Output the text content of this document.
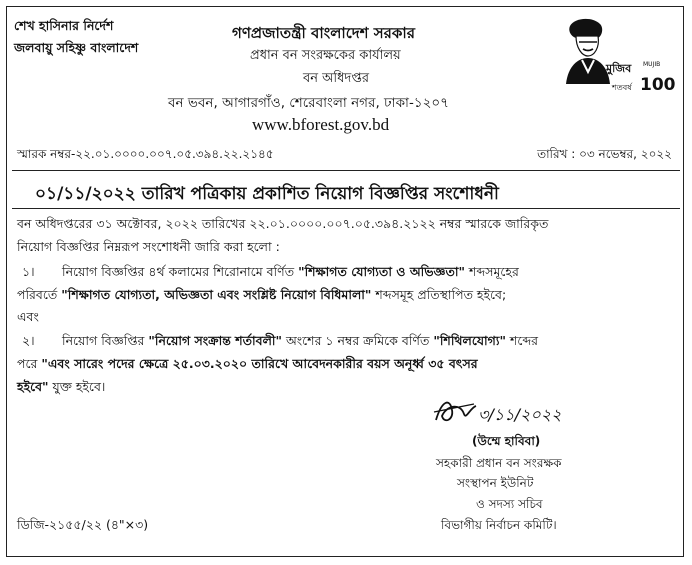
শেখ হাসিনার নির্দেশ
জলবায়ু সহিষ্ণু বাংলাদেশ
গণপ্রজাতন্ত্রী বাংলাদেশ সরকার
প্রধান বন সংরক্ষকের কার্যালয়
বন অধিদপ্তর
বন ভবন, আগারগাঁও, শেরেবাংলা নগর, ঢাকা-১২০৭
www.bforest.gov.bd
মুজিব MUJIB
100
শতবর্ষ
স্মারক নম্বর-২২.০১.০০০০.০০৭.০৫.৩৯৪.২২.২১৪৫	তারিখ : ০৩ নভেম্বর, ২০২২
০১/১১/২০২২ তারিখ পত্রিকায় প্রকাশিত নিয়োগ বিজ্ঞপ্তির সংশোধনী
বন অধিদপ্তরের ৩১ অক্টোবর, ২০২২ তারিখের ২২.০১.০০০০.০০৭.০৫.৩৯৪.২১২২ নম্বর স্মারকে জারিকৃত
নিয়োগ বিজ্ঞপ্তির নিম্নরূপ সংশোধনী জারি করা হলো :
১। নিয়োগ বিজ্ঞপ্তির ৪র্থ কলামের শিরোনামে বর্ণিত "শিক্ষাগত যোগ্যতা ও অভিজ্ঞতা" শব্দসমূহের
পরিবর্তে "শিক্ষাগত যোগ্যতা, অভিজ্ঞতা এবং সংশ্লিষ্ট নিয়োগ বিধিমালা" শব্দসমূহ প্রতিস্থাপিত হইবে;
এবং
২। নিয়োগ বিজ্ঞপ্তির "নিয়োগ সংক্রান্ত শর্তাবলী" অংশের ১ নম্বর ক্রমিকে বর্ণিত "শিথিলযোগ্য" শব্দের
পরে "এবং সারেং পদের ক্ষেত্রে ২৫.০৩.২০২০ তারিখে আবেদনকারীর বয়স অনূর্ধ্ব ৩৫ বৎসর
হইবে" যুক্ত হইবে।
৩/১১/২০২২
(উম্মে হাবিবা)
সহকারী প্রধান বন সংরক্ষক
সংস্থাপন ইউনিট
ও সদস্য সচিব
বিভাগীয় নির্বাচন কমিটি।
ডিজি-২১৫৫/২২ (৪"×৩)
